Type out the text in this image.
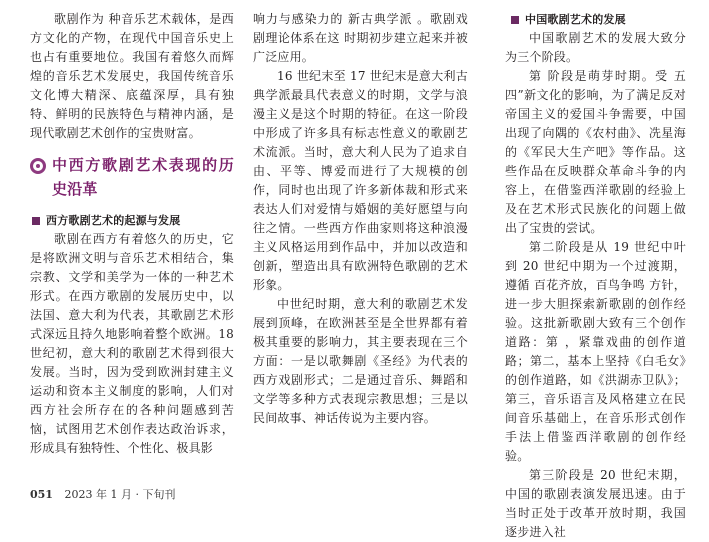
歌剧作为 种音乐艺术载体，是西方文化的产物，在现代中国音乐史上也占有重要地位。我国有着悠久而辉煌的音乐艺术发展史，我国传统音乐文化博大精深、底蕴深厚，具有独特、鲜明的民族特色与精神内涵，是现代歌剧艺术创作的宝贵财富。

中西方歌剧艺术表现的历史沿革
西方歌剧艺术的起源与发展

歌剧在西方有着悠久的历史，它是将欧洲文明与音乐艺术相结合，集宗教、文学和美学为一体的一种艺术形式。在西方歌剧的发展历史中，以法国、意大利为代表，其歌剧艺术形式深远且持久地影响着整个欧洲。18 世纪初，意大利的歌剧艺术得到很大发展。当时，因为受到欧洲封建主义运动和资本主义制度的影响，人们对西方社会所存在的各种问题感到苦恼，试图用艺术创作表达政治诉求，形成具有独特性、个性化、极具影

响力与感染力的 新古典学派 。歌剧戏剧理论体系在这 时期初步建立起来并被广泛应用。

16 世纪末至 17 世纪末是意大利古典学派最具代表意义的时期，文学与浪漫主义是这个时期的特征。在这一阶段中形成了许多具有标志性意义的歌剧艺术流派。当时，意大利人民为了追求自由、平等、博爱而进行了大规模的创作，同时也出现了许多新体裁和形式来表达人们对爱情与婚姻的美好愿望与向往之情。一些西方作曲家则将这种浪漫主义风格运用到作品中，并加以改造和创新，塑造出具有欧洲特色歌剧的艺术形象。

中世纪时期，意大利的歌剧艺术发展到顶峰，在欧洲甚至是全世界都有着极其重要的影响力，其主要表现在三个方面：一是以歌舞剧《圣经》为代表的西方戏剧形式；二是通过音乐、舞蹈和文学等多种方式表现宗教思想；三是以民间故事、神话传说为主要内容。

中国歌剧艺术的发展

中国歌剧艺术的发展大致分为三个阶段。

第 阶段是萌芽时期。受 五四”新文化的影响，为了满足反对帝国主义的爱国斗争需要，中国出现了向隅的《农村曲》、冼星海的《军民大生产吧》等作品。这些作品在反映群众革命斗争的内容上，在借鉴西洋歌剧的经验上及在艺术形式民族化的问题上做出了宝贵的尝试。

第二阶段是从 19 世纪中叶到 20 世纪中期为一个过渡期，遵循 百花齐放，百鸟争鸣 方针，进一步大胆探索新歌剧的创作经验。这批新歌剧大致有三个创作道路：第 ，紧靠戏曲的创作道路；第二，基本上坚持《白毛女》的创作道路，如《洪湖赤卫队》；第三，音乐语言及风格建立在民间音乐基础上，在音乐形式创作手法上借鉴西洋歌剧的创作经验。

第三阶段是 20 世纪末期，中国的歌剧表演发展迅速。由于当时正处于改革开放时期，我国逐步进入社

051 2023 年 1 月 · 下旬刊
